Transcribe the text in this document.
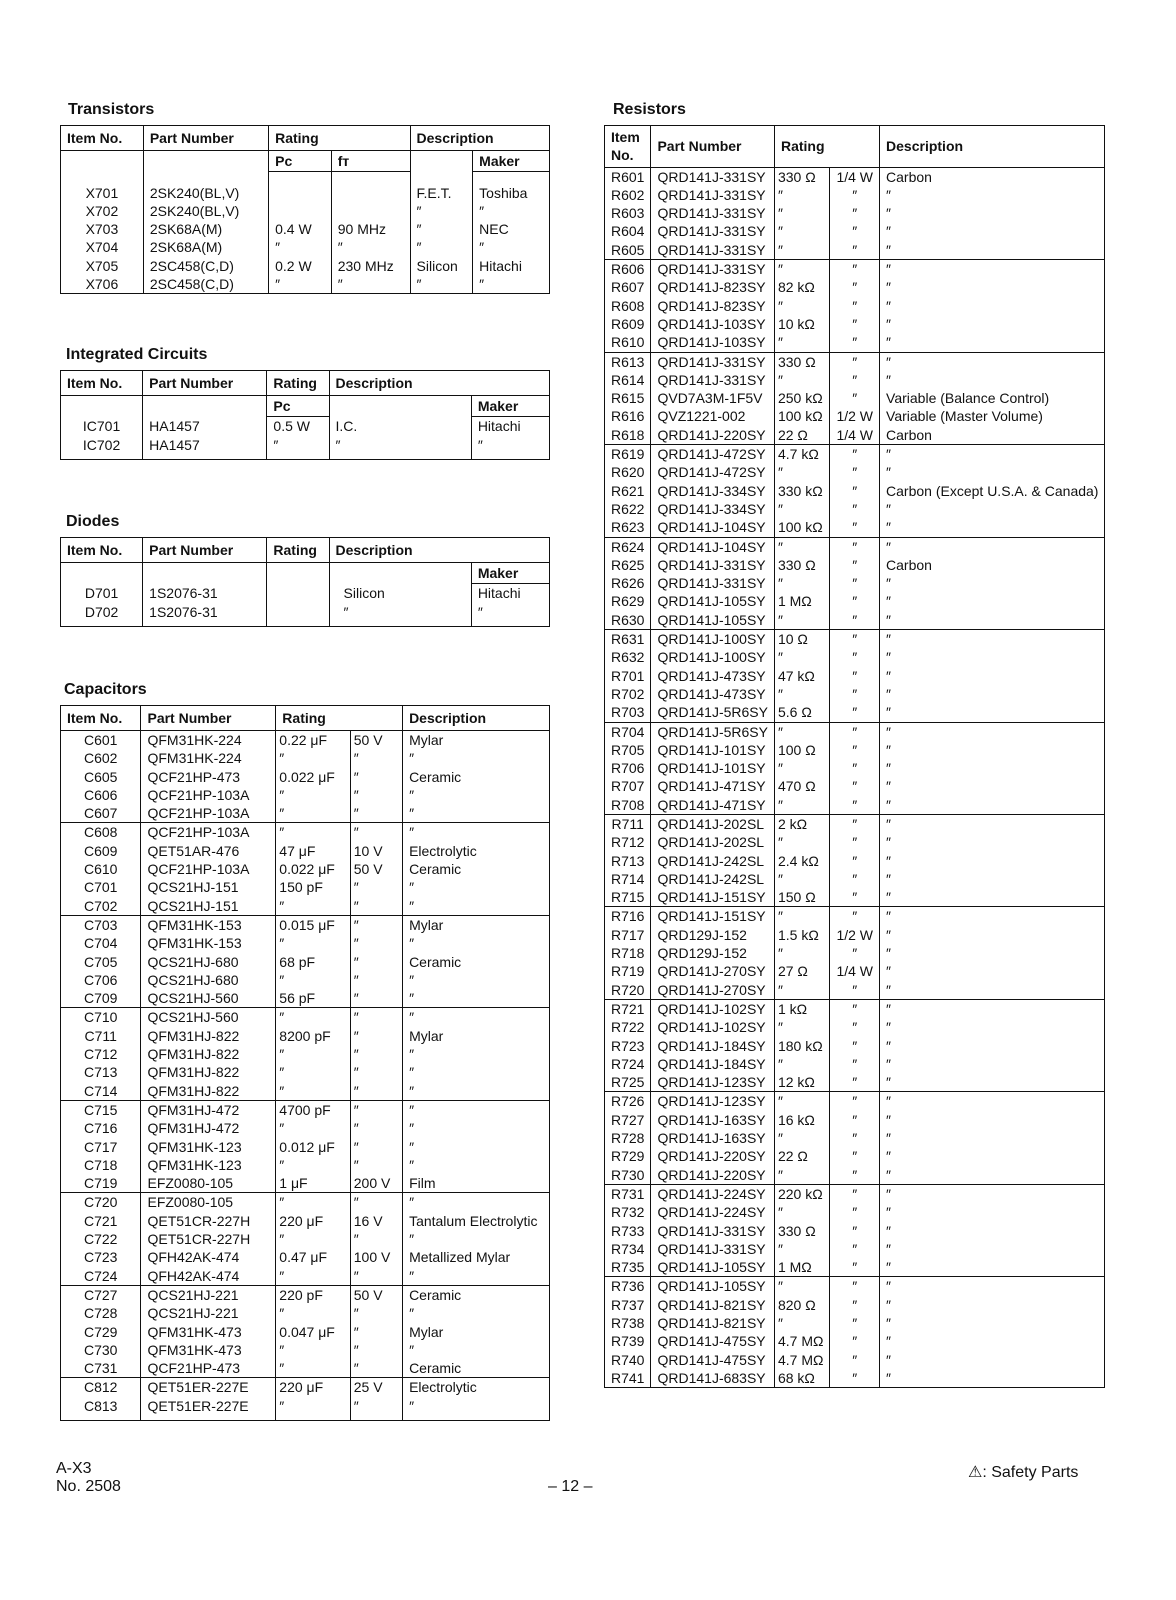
Transistors
Item No.	Part Number	Rating		Description	
		Pc	fᴛ		Maker
X701	2SK240(BL,V)			F.E.T.	Toshiba
X702	2SK240(BL,V)			″	″
X703	2SK68A(M)	0.4 W	90 MHz	″	NEC
X704	2SK68A(M)	″	″	″	″
X705	2SC458(C,D)	0.2 W	230 MHz	Silicon	Hitachi
X706	2SC458(C,D)	″	″	″	″
Integrated Circuits
Item No.	Part Number	Rating	Description	
		Pc		Maker
IC701	HA1457	0.5 W	I.C.	Hitachi
IC702	HA1457	″	″	″
Diodes
Item No.	Part Number	Rating	Description	
				Maker
D701	1S2076-31		Silicon	Hitachi
D702	1S2076-31		″	″
Capacitors
Item No.	Part Number	Rating		Description
C601	QFM31HK-224	0.22 μF	50 V	Mylar
C602	QFM31HK-224	″	″	″
C605	QCF21HP-473	0.022 μF	″	Ceramic
C606	QCF21HP-103A	″	″	″
C607	QCF21HP-103A	″	″	″
C608	QCF21HP-103A	″	″	″
C609	QET51AR-476	47 μF	10 V	Electrolytic
C610	QCF21HP-103A	0.022 μF	50 V	Ceramic
C701	QCS21HJ-151	150 pF	″	″
C702	QCS21HJ-151	″	″	″
C703	QFM31HK-153	0.015 μF	″	Mylar
C704	QFM31HK-153	″	″	″
C705	QCS21HJ-680	68 pF	″	Ceramic
C706	QCS21HJ-680	″	″	″
C709	QCS21HJ-560	56 pF	″	″
C710	QCS21HJ-560	″	″	″
C711	QFM31HJ-822	8200 pF	″	Mylar
C712	QFM31HJ-822	″	″	″
C713	QFM31HJ-822	″	″	″
C714	QFM31HJ-822	″	″	″
C715	QFM31HJ-472	4700 pF	″	″
C716	QFM31HJ-472	″	″	″
C717	QFM31HK-123	0.012 μF	″	″
C718	QFM31HK-123	″	″	″
C719	EFZ0080-105	1 μF	200 V	Film
C720	EFZ0080-105	″	″	″
C721	QET51CR-227H	220 μF	16 V	Tantalum Electrolytic
C722	QET51CR-227H	″	″	″
C723	QFH42AK-474	0.47 μF	100 V	Metallized Mylar
C724	QFH42AK-474	″	″	″
C727	QCS21HJ-221	220 pF	50 V	Ceramic
C728	QCS21HJ-221	″	″	″
C729	QFM31HK-473	0.047 μF	″	Mylar
C730	QFM31HK-473	″	″	″
C731	QCF21HP-473	″	″	Ceramic
C812	QET51ER-227E	220 μF	25 V	Electrolytic
C813	QET51ER-227E	″	″	″
Resistors
Item No.	Part Number	Rating		Description
R601	QRD141J-331SY	330 Ω	1/4 W	Carbon
R602	QRD141J-331SY	″	″	″
R603	QRD141J-331SY	″	″	″
R604	QRD141J-331SY	″	″	″
R605	QRD141J-331SY	″	″	″
R606	QRD141J-331SY	″	″	″
R607	QRD141J-823SY	82 kΩ	″	″
R608	QRD141J-823SY	″	″	″
R609	QRD141J-103SY	10 kΩ	″	″
R610	QRD141J-103SY	″	″	″
R613	QRD141J-331SY	330 Ω	″	″
R614	QRD141J-331SY	″	″	″
R615	QVD7A3M-1F5V	250 kΩ	″	Variable (Balance Control)
R616	QVZ1221-002	100 kΩ	1/2 W	Variable (Master Volume)
R618	QRD141J-220SY	22 Ω	1/4 W	Carbon
R619	QRD141J-472SY	4.7 kΩ	″	″
R620	QRD141J-472SY	″	″	″
R621	QRD141J-334SY	330 kΩ	″	Carbon (Except U.S.A. & Canada)
R622	QRD141J-334SY	″	″	″
R623	QRD141J-104SY	100 kΩ	″	″
R624	QRD141J-104SY	″	″	″
R625	QRD141J-331SY	330 Ω	″	Carbon
R626	QRD141J-331SY	″	″	″
R629	QRD141J-105SY	1 MΩ	″	″
R630	QRD141J-105SY	″	″	″
R631	QRD141J-100SY	10 Ω	″	″
R632	QRD141J-100SY	″	″	″
R701	QRD141J-473SY	47 kΩ	″	″
R702	QRD141J-473SY	″	″	″
R703	QRD141J-5R6SY	5.6 Ω	″	″
R704	QRD141J-5R6SY	″	″	″
R705	QRD141J-101SY	100 Ω	″	″
R706	QRD141J-101SY	″	″	″
R707	QRD141J-471SY	470 Ω	″	″
R708	QRD141J-471SY	″	″	″
R711	QRD141J-202SL	2 kΩ	″	″
R712	QRD141J-202SL	″	″	″
R713	QRD141J-242SL	2.4 kΩ	″	″
R714	QRD141J-242SL	″	″	″
R715	QRD141J-151SY	150 Ω	″	″
R716	QRD141J-151SY	″	″	″
R717	QRD129J-152	1.5 kΩ	1/2 W	″
R718	QRD129J-152	″	″	″
R719	QRD141J-270SY	27 Ω	1/4 W	″
R720	QRD141J-270SY	″	″	″
R721	QRD141J-102SY	1 kΩ	″	″
R722	QRD141J-102SY	″	″	″
R723	QRD141J-184SY	180 kΩ	″	″
R724	QRD141J-184SY	″	″	″
R725	QRD141J-123SY	12 kΩ	″	″
R726	QRD141J-123SY	″	″	″
R727	QRD141J-163SY	16 kΩ	″	″
R728	QRD141J-163SY	″	″	″
R729	QRD141J-220SY	22 Ω	″	″
R730	QRD141J-220SY	″	″	″
R731	QRD141J-224SY	220 kΩ	″	″
R732	QRD141J-224SY	″	″	″
R733	QRD141J-331SY	330 Ω	″	″
R734	QRD141J-331SY	″	″	″
R735	QRD141J-105SY	1 MΩ	″	″
R736	QRD141J-105SY	″	″	″
R737	QRD141J-821SY	820 Ω	″	″
R738	QRD141J-821SY	″	″	″
R739	QRD141J-475SY	4.7 MΩ	″	″
R740	QRD141J-475SY	4.7 MΩ	″	″
R741	QRD141J-683SY	68 kΩ	″	″
A-X3
No. 2508	– 12 –
⚠: Safety Parts
